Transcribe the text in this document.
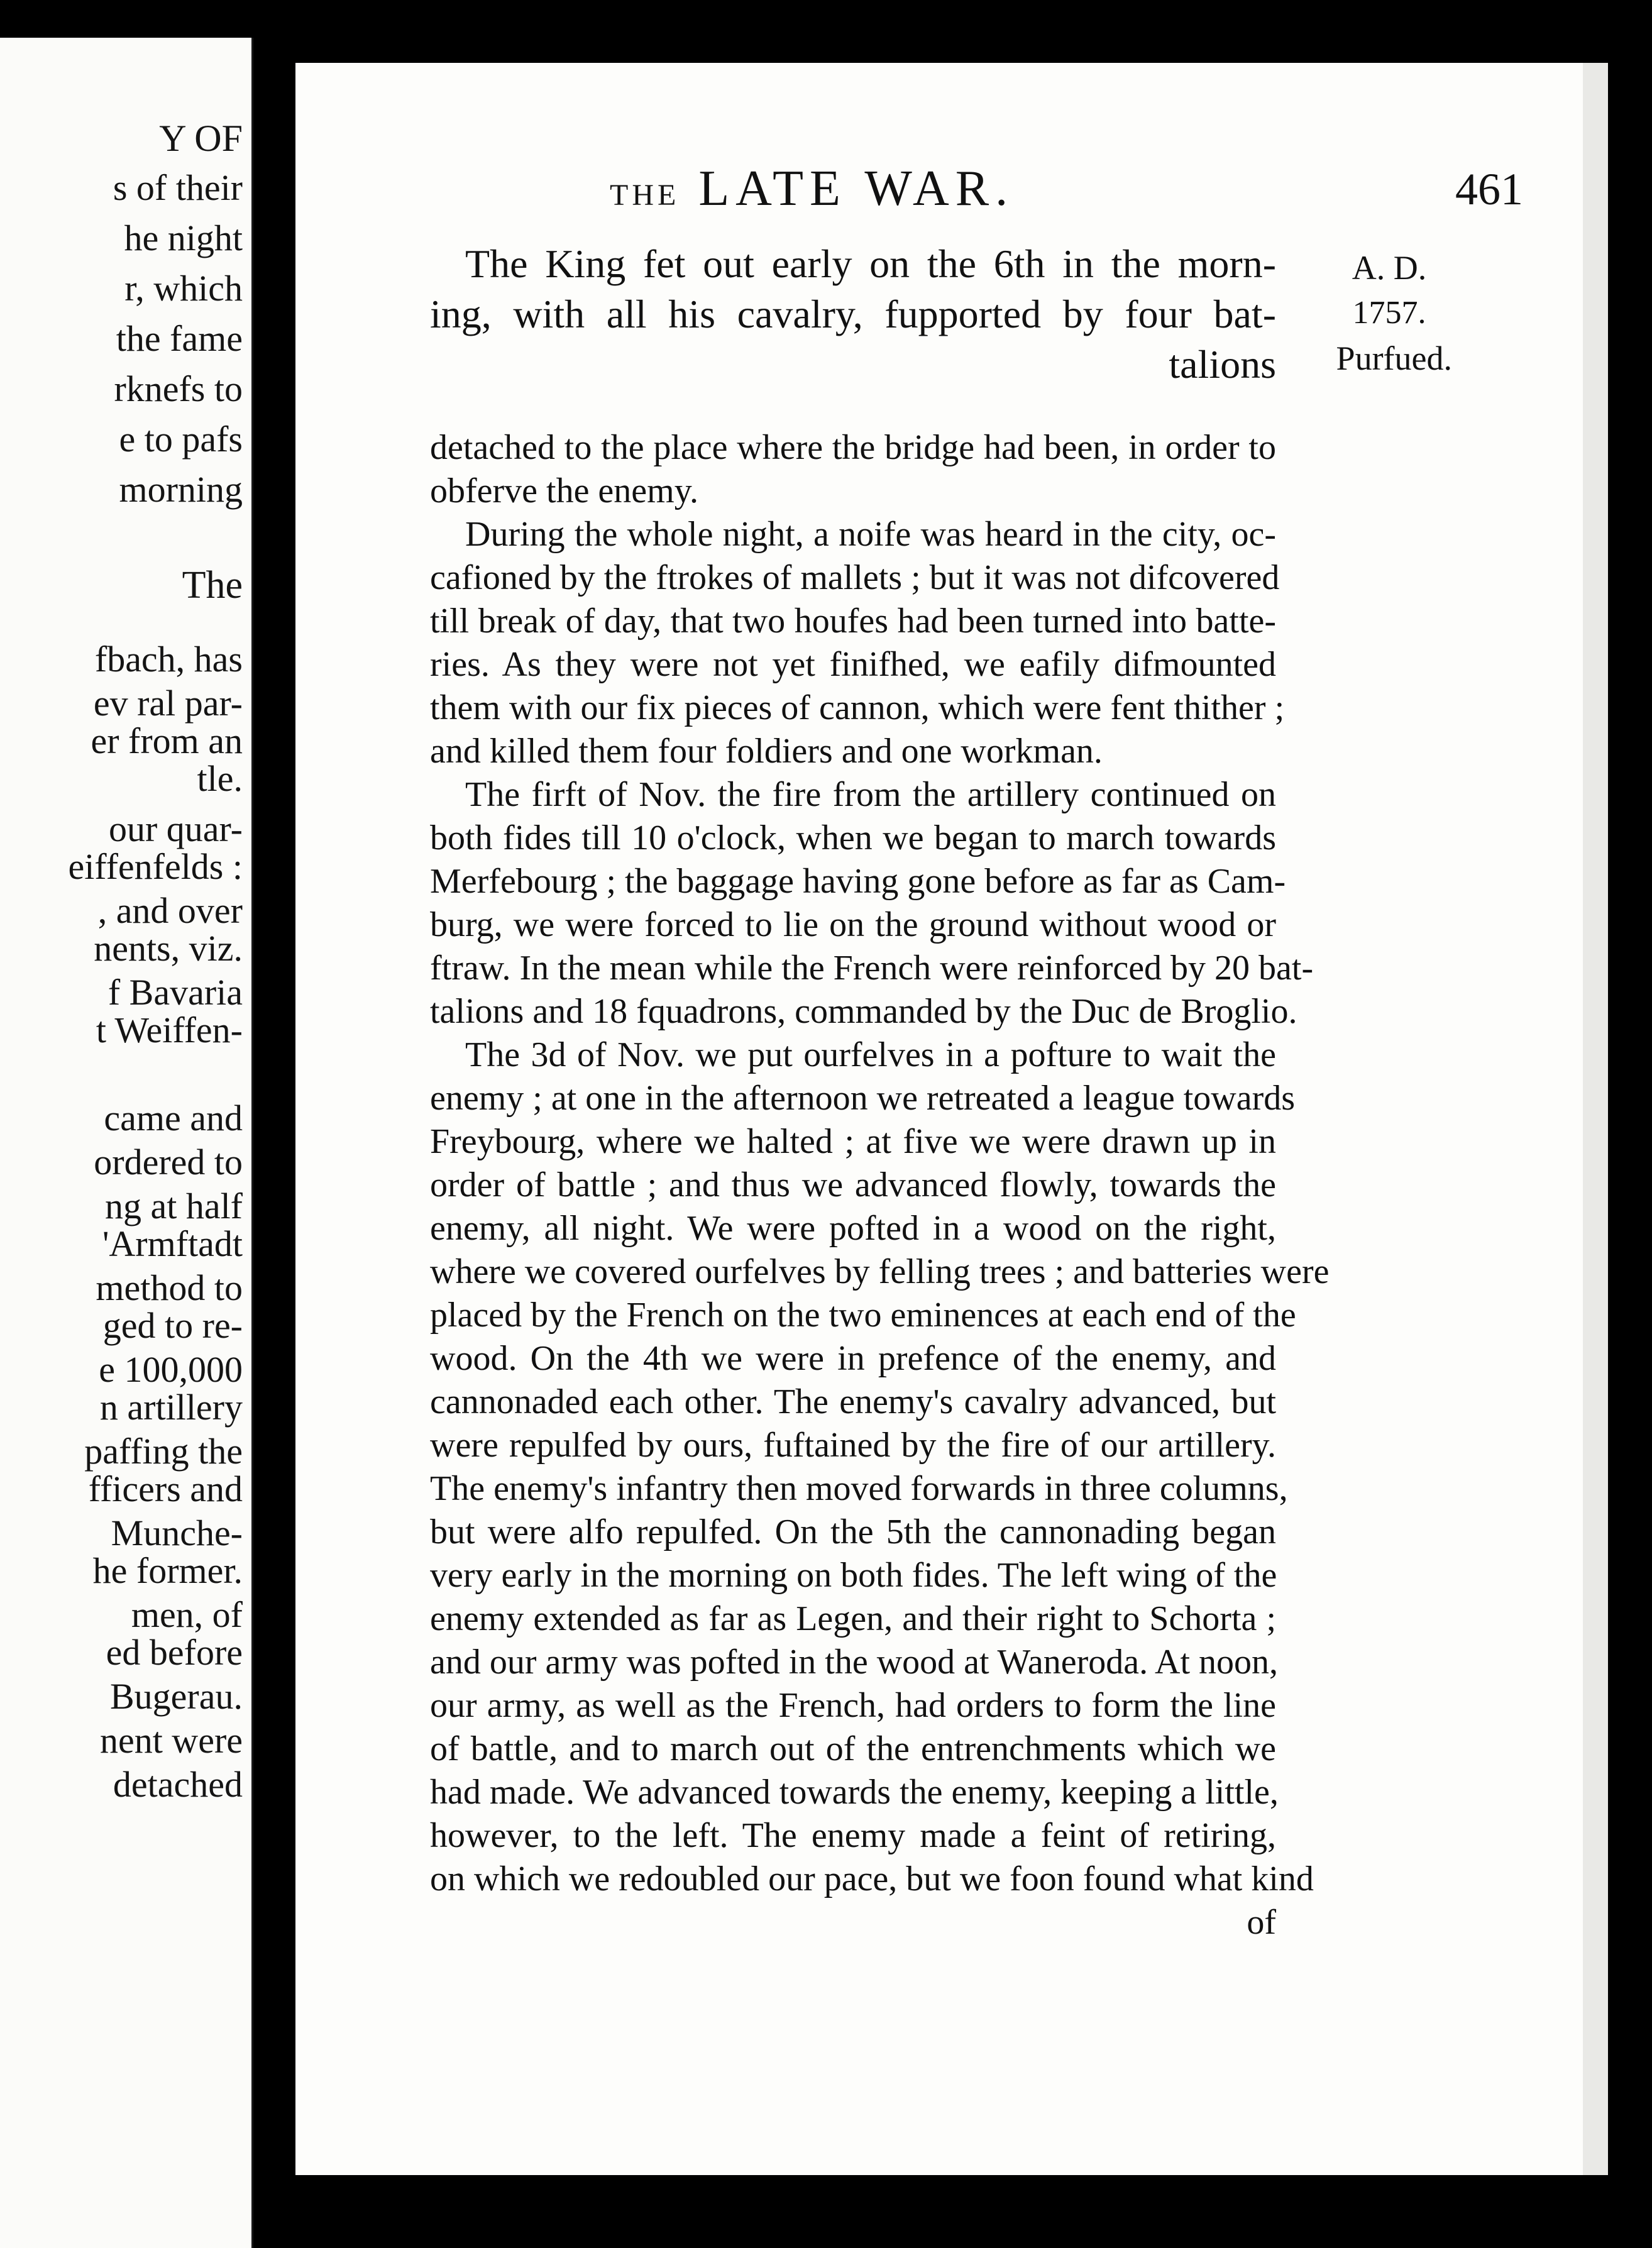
Y OF
s of their
he night
r, which
the fame
rknefs to
e to pafs
morning
The
fbach, has
ev ral par-
er from an
tle.
our quar-
eiffenfelds :
, and over
nents, viz.
f Bavaria
t Weiffen-
came and
ordered to
ng at half
'Armftadt
method to
ged to re-
e 100,000
n artillery
paffing the
fficers and
Munche-
he former.
men, of
ed before
Bugerau.
nent were
detached
THE LATE WAR.	461
A. D.
1757.
Purfued.
The King fet out early on the 6th in the morn-
ing, with all his cavalry, fupported by four bat-
talions
detached to the place where the bridge had been, in order to
obferve the enemy.
During the whole night, a noife was heard in the city, oc-
cafioned by the ftrokes of mallets ; but it was not difcovered
till break of day, that two houfes had been turned into batte-
ries. As they were not yet finifhed, we eafily difmounted
them with our fix pieces of cannon, which were fent thither ;
and killed them four foldiers and one workman.
The firft of Nov. the fire from the artillery continued on
both fides till 10 o'clock, when we began to march towards
Merfebourg ; the baggage having gone before as far as Cam-
burg, we were forced to lie on the ground without wood or
ftraw. In the mean while the French were reinforced by 20 bat-
talions and 18 fquadrons, commanded by the Duc de Broglio.
The 3d of Nov. we put ourfelves in a pofture to wait the
enemy ; at one in the afternoon we retreated a league towards
Freybourg, where we halted ; at five we were drawn up in
order of battle ; and thus we advanced flowly, towards the
enemy, all night. We were pofted in a wood on the right,
where we covered ourfelves by felling trees ; and batteries were
placed by the French on the two eminences at each end of the
wood. On the 4th we were in prefence of the enemy, and
cannonaded each other. The enemy's cavalry advanced, but
were repulfed by ours, fuftained by the fire of our artillery.
The enemy's infantry then moved forwards in three columns,
but were alfo repulfed. On the 5th the cannonading began
very early in the morning on both fides. The left wing of the
enemy extended as far as Legen, and their right to Schorta ;
and our army was pofted in the wood at Waneroda. At noon,
our army, as well as the French, had orders to form the line
of battle, and to march out of the entrenchments which we
had made. We advanced towards the enemy, keeping a little,
however, to the left. The enemy made a feint of retiring,
on which we redoubled our pace, but we foon found what kind
of
